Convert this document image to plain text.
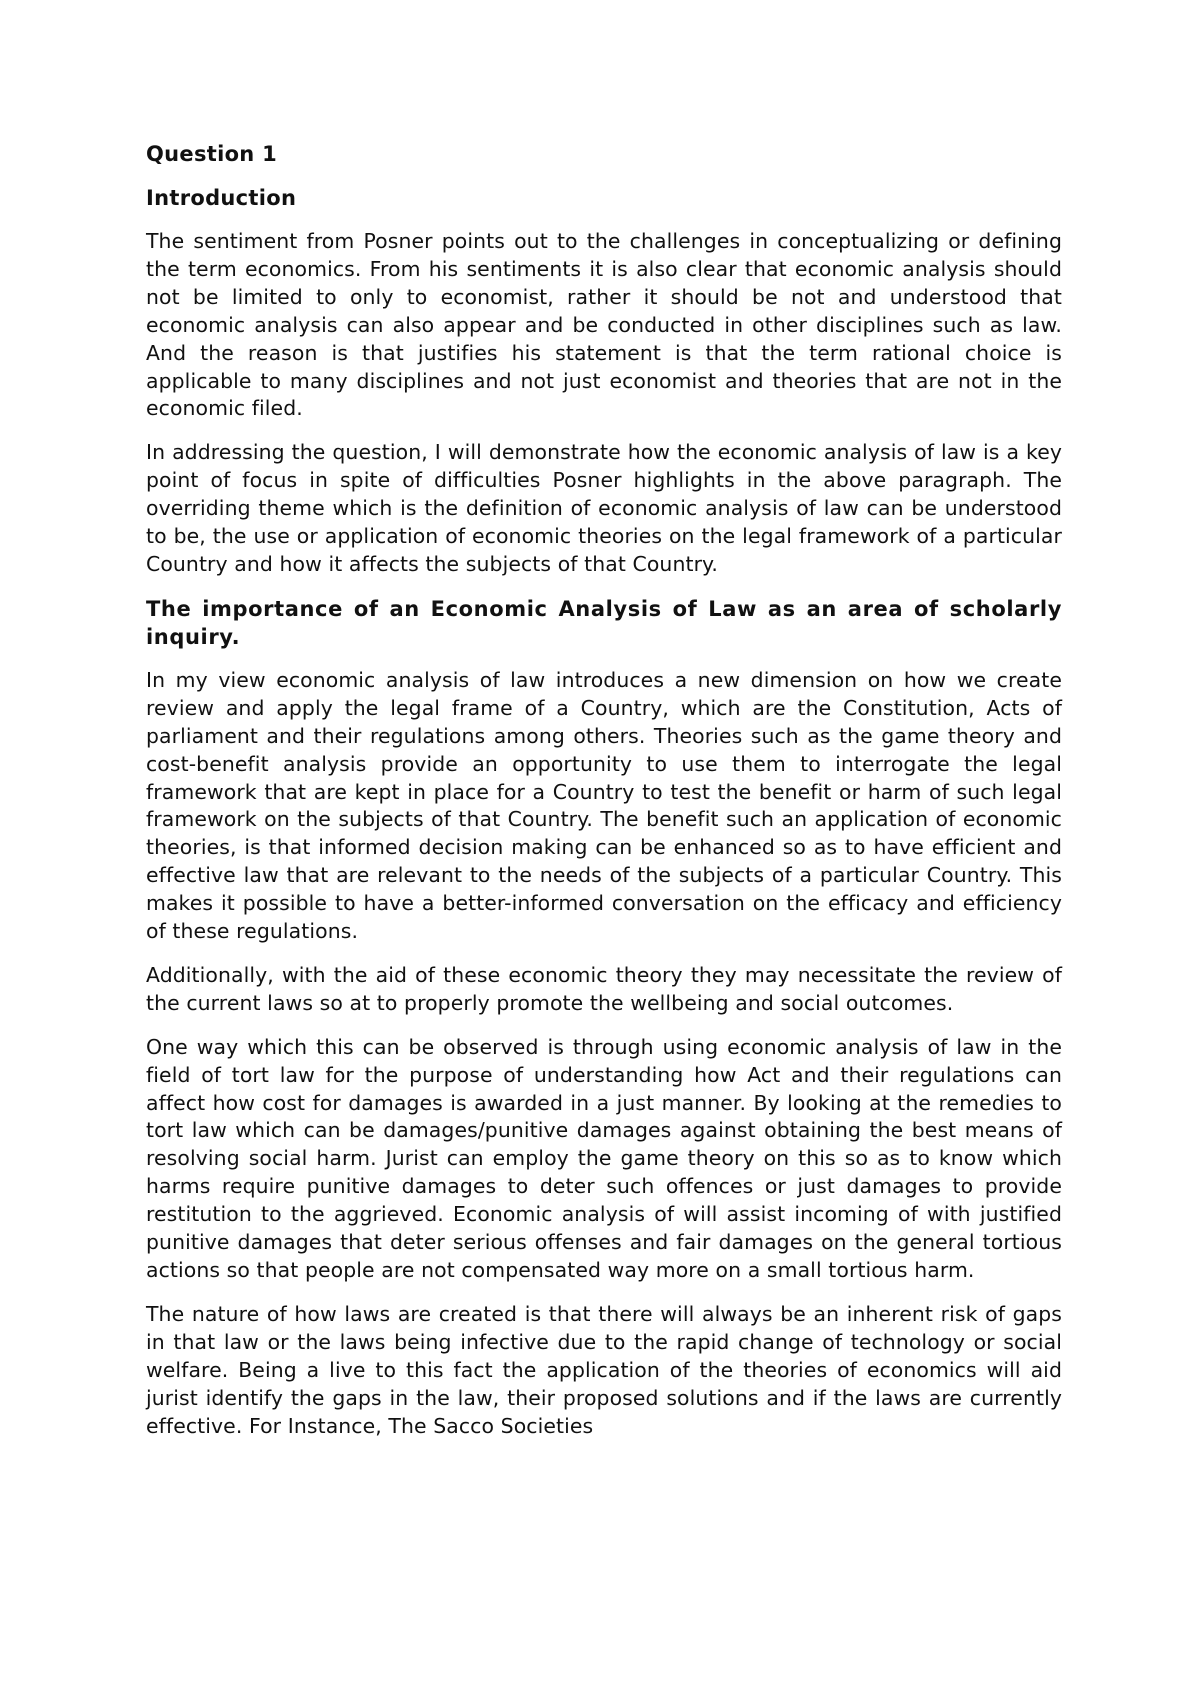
Question 1
Introduction

The sentiment from Posner points out to the challenges in conceptualizing or defining the term economics. From his sentiments it is also clear that economic analysis should not be limited to only to economist, rather it should be not and understood that economic analysis can also appear and be conducted in other disciplines such as law. And the reason is that justifies his statement is that the term rational choice is applicable to many disciplines and not just economist and theories that are not in the economic filed.

In addressing the question, I will demonstrate how the economic analysis of law is a key point of focus in spite of difficulties Posner highlights in the above paragraph. The overriding theme which is the definition of economic analysis of law can be understood to be, the use or application of economic theories on the legal framework of a particular Country and how it affects the subjects of that Country.

The importance of an Economic Analysis of Law as an area of scholarly inquiry.

In my view economic analysis of law introduces a new dimension on how we create review and apply the legal frame of a Country, which are the Constitution, Acts of parliament and their regulations among others. Theories such as the game theory and cost-benefit analysis provide an opportunity to use them to interrogate the legal framework that are kept in place for a Country to test the benefit or harm of such legal framework on the subjects of that Country. The benefit such an application of economic theories, is that informed decision making can be enhanced so as to have efficient and effective law that are relevant to the needs of the subjects of a particular Country. This makes it possible to have a better-informed conversation on the efficacy and efficiency of these regulations.

Additionally, with the aid of these economic theory they may necessitate the review of the current laws so at to properly promote the wellbeing and social outcomes.

One way which this can be observed is through using economic analysis of law in the field of tort law for the purpose of understanding how Act and their regulations can affect how cost for damages is awarded in a just manner. By looking at the remedies to tort law which can be damages/punitive damages against obtaining the best means of resolving social harm. Jurist can employ the game theory on this so as to know which harms require punitive damages to deter such offences or just damages to provide restitution to the aggrieved. Economic analysis of will assist incoming of with justified punitive damages that deter serious offenses and fair damages on the general tortious actions so that people are not compensated way more on a small tortious harm.

The nature of how laws are created is that there will always be an inherent risk of gaps in that law or the laws being infective due to the rapid change of technology or social welfare. Being a live to this fact the application of the theories of economics will aid jurist identify the gaps in the law, their proposed solutions and if the laws are currently effective. For Instance, The Sacco Societies
